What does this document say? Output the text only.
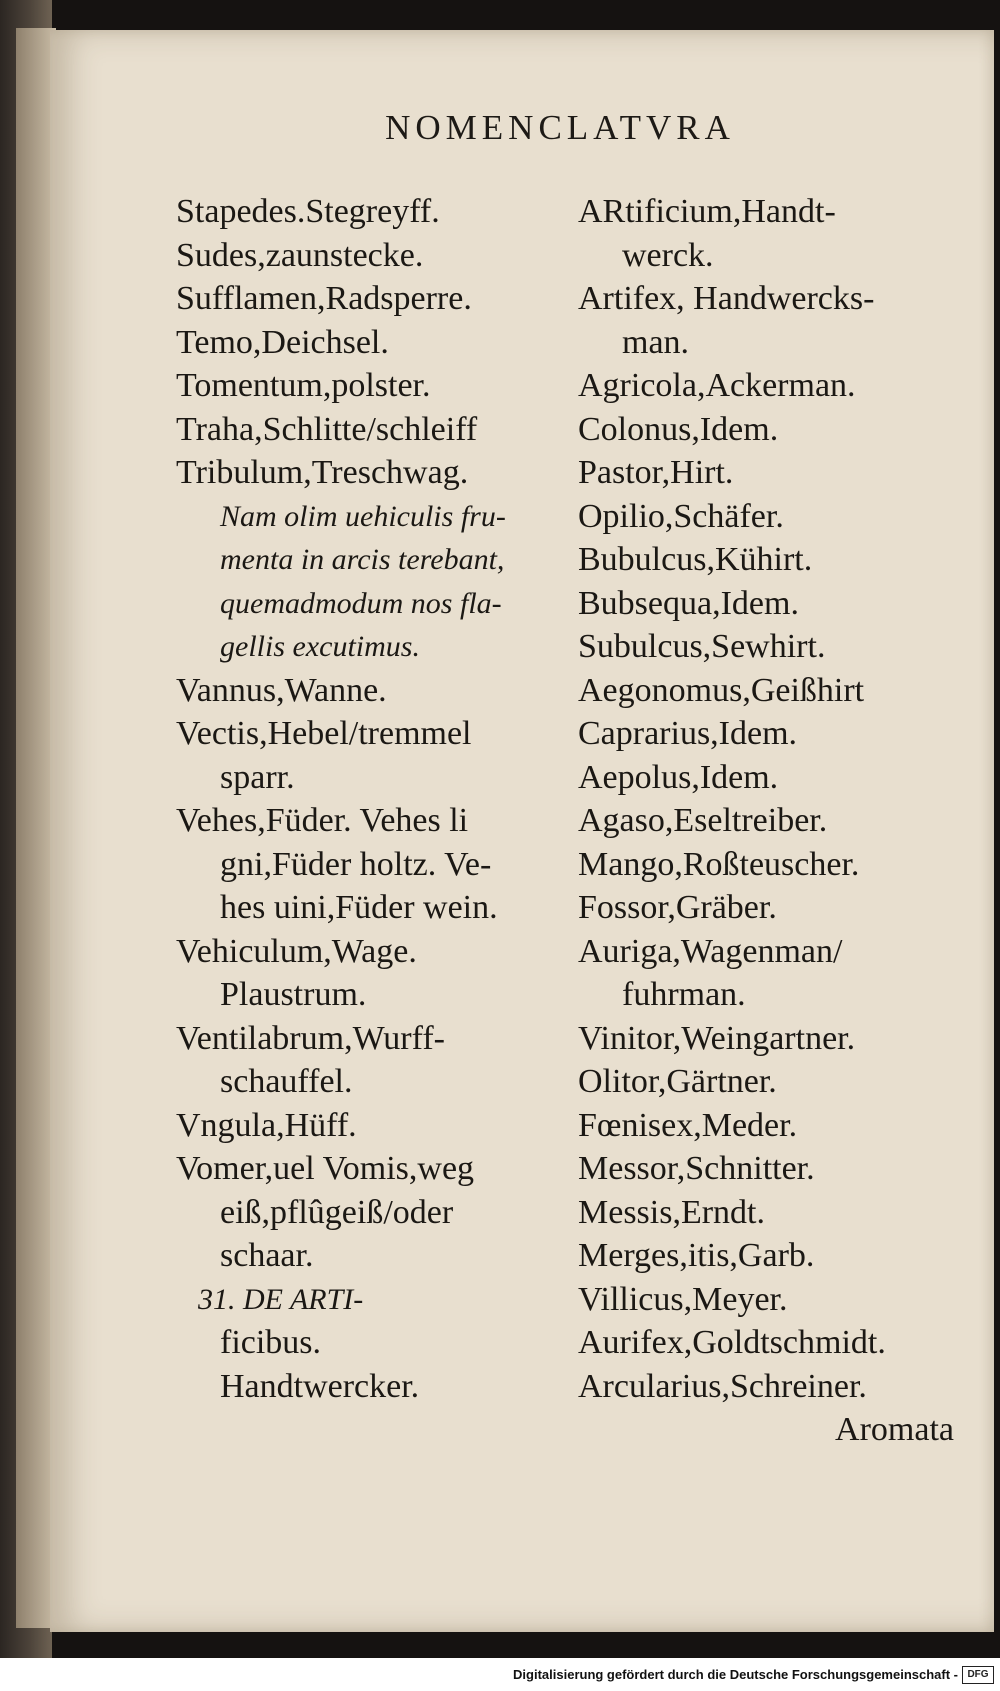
NOMENCLATVRA
Stapedes.Stegreyff.
Sudes,zaunstecke.
Sufflamen,Radsperre.
Temo,Deichsel.
Tomentum,polster.
Traha,Schlitte/schleiff
Tribulum,Treschwag.
Nam olim uehiculis fru-
menta in arcis terebant,
quemadmodum nos fla-
gellis excutimus.
Vannus,Wanne.
Vectis,Hebel/tremmel
sparr.
Vehes,Füder. Vehes li
gni,Füder holtz. Ve-
hes uini,Füder wein.
Vehiculum,Wage.
Plaustrum.
Ventilabrum,Wurff-
schauffel.
Vngula,Hüff.
Vomer,uel Vomis,weg
eiß,pflûgeiß/oder
schaar.
31. DE ARTI-
ficibus.
Handtwercker.
ARtificium,Handt-
werck.
Artifex, Handwercks-
man.
Agricola,Ackerman.
Colonus,Idem.
Pastor,Hirt.
Opilio,Schäfer.
Bubulcus,Kühirt.
Bubsequa,Idem.
Subulcus,Sewhirt.
Aegonomus,Geißhirt
Caprarius,Idem.
Aepolus,Idem.
Agaso,Eseltreiber.
Mango,Roßteuscher.
Fossor,Gräber.
Auriga,Wagenman/
fuhrman.
Vinitor,Weingartner.
Olitor,Gärtner.
Fœnisex,Meder.
Messor,Schnitter.
Messis,Erndt.
Merges,itis,Garb.
Villicus,Meyer.
Aurifex,Goldtschmidt.
Arcularius,Schreiner.
Aromata
Digitalisierung gefördert durch die Deutsche Forschungsgemeinschaft - DFG
